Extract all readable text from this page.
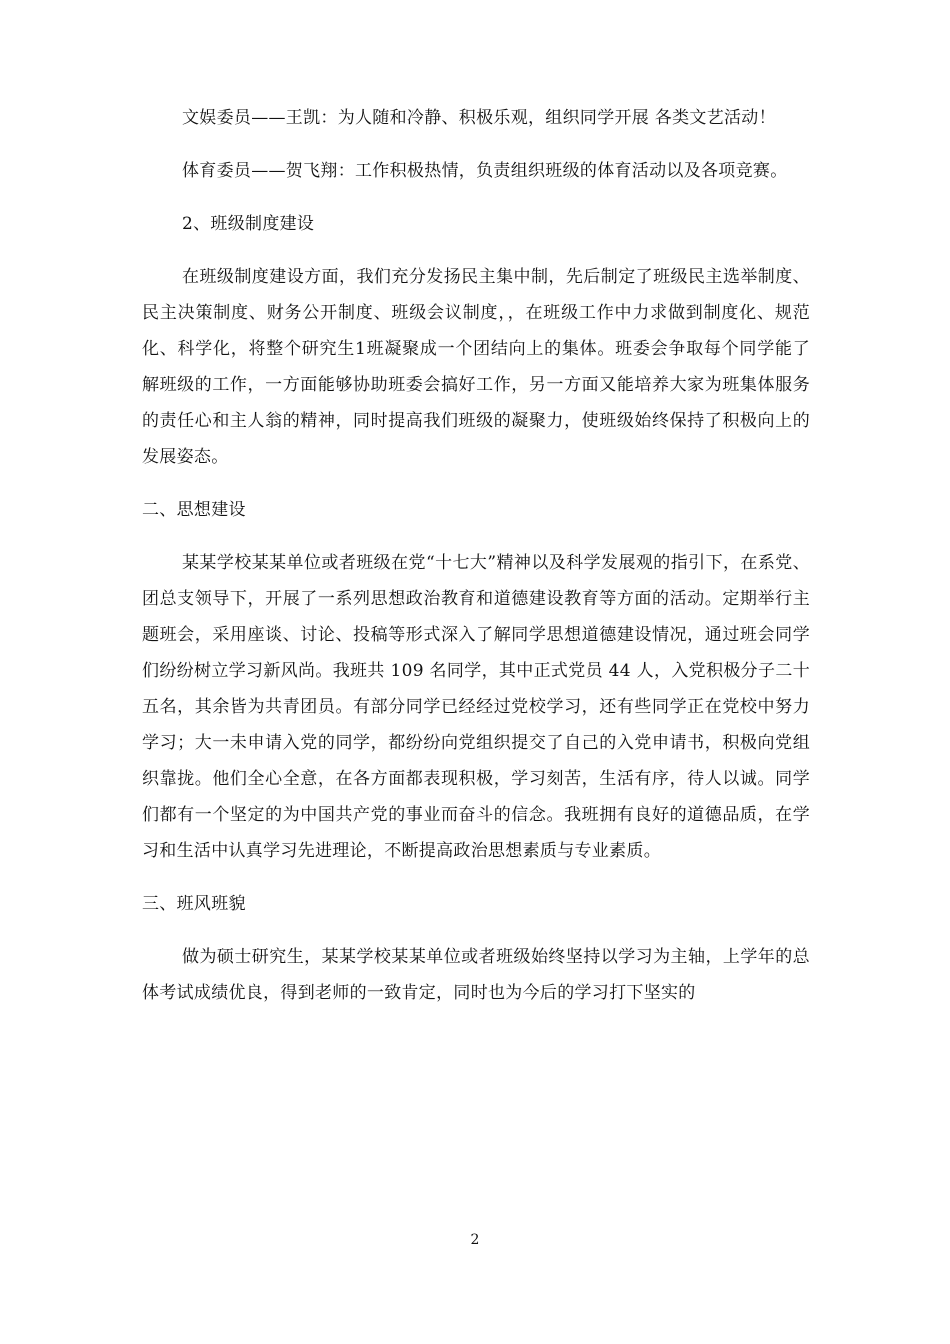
文娱委员——王凯：为人随和冷静、积极乐观，组织同学开展 各类文艺活动！

体育委员——贺飞翔：工作积极热情，负责组织班级的体育活动以及各项竞赛。

2、班级制度建设

在班级制度建设方面，我们充分发扬民主集中制，先后制定了班级民主选举制度、民主决策制度、财务公开制度、班级会议制度，，在班级工作中力求做到制度化、规范化、科学化，将整个研究生1班凝聚成一个团结向上的集体。班委会争取每个同学能了解班级的工作，一方面能够协助班委会搞好工作，另一方面又能培养大家为班集体服务的责任心和主人翁的精神，同时提高我们班级的凝聚力，使班级始终保持了积极向上的发展姿态。

二、思想建设

某某学校某某单位或者班级在党“十七大”精神以及科学发展观的指引下，在系党、团总支领导下，开展了一系列思想政治教育和道德建设教育等方面的活动。定期举行主题班会，采用座谈、讨论、投稿等形式深入了解同学思想道德建设情况，通过班会同学们纷纷树立学习新风尚。我班共 109 名同学，其中正式党员 44 人，入党积极分子二十五名，其余皆为共青团员。有部分同学已经经过党校学习，还有些同学正在党校中努力学习；大一未申请入党的同学，都纷纷向党组织提交了自己的入党申请书，积极向党组织靠拢。他们全心全意，在各方面都表现积极，学习刻苦，生活有序，待人以诚。同学们都有一个坚定的为中国共产党的事业而奋斗的信念。我班拥有良好的道德品质，在学习和生活中认真学习先进理论，不断提高政治思想素质与专业素质。

三、班风班貌

做为硕士研究生，某某学校某某单位或者班级始终坚持以学习为主轴，上学年的总体考试成绩优良，得到老师的一致肯定，同时也为今后的学习打下坚实的

2
